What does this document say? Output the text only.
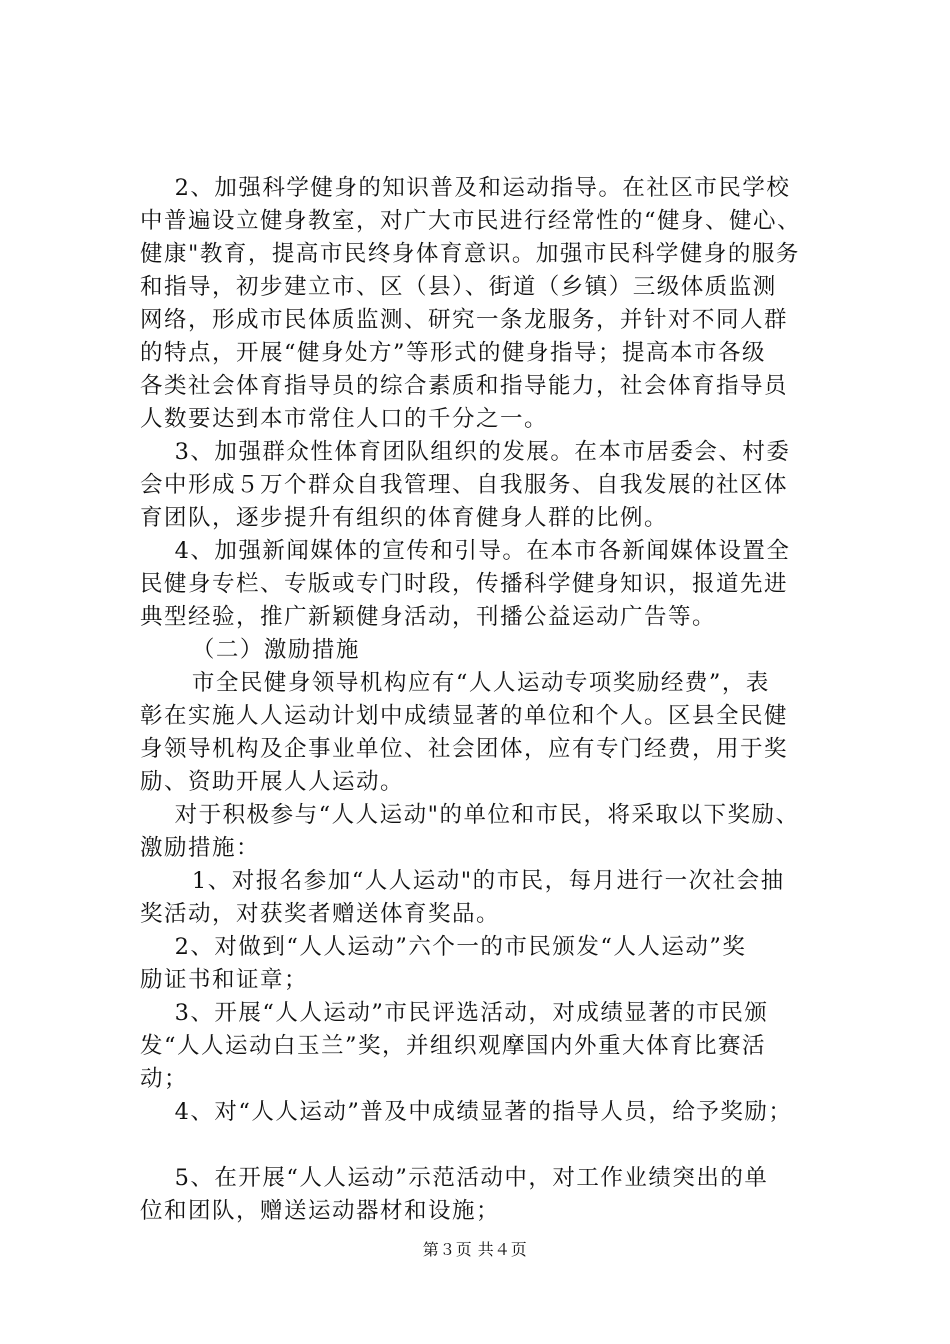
2、加强科学健身的知识普及和运动指导。在社区市民学校
中普遍设立健身教室，对广大市民进行经常性的“健身、健心、
健康"教育，提高市民终身体育意识。加强市民科学健身的服务
和指导，初步建立市、区（县）、街道（乡镇）三级体质监测
网络，形成市民体质监测、研究一条龙服务，并针对不同人群
的特点，开展“健身处方”等形式的健身指导；提高本市各级
各类社会体育指导员的综合素质和指导能力，社会体育指导员
人数要达到本市常住人口的千分之一。
3、加强群众性体育团队组织的发展。在本市居委会、村委
会中形成５万个群众自我管理、自我服务、自我发展的社区体
育团队，逐步提升有组织的体育健身人群的比例。
4、加强新闻媒体的宣传和引导。在本市各新闻媒体设置全
民健身专栏、专版或专门时段，传播科学健身知识，报道先进
典型经验，推广新颖健身活动，刊播公益运动广告等。
（二）激励措施
市全民健身领导机构应有“人人运动专项奖励经费”，表
彰在实施人人运动计划中成绩显著的单位和个人。区县全民健
身领导机构及企事业单位、社会团体，应有专门经费，用于奖
励、资助开展人人运动。
对于积极参与“人人运动"的单位和市民，将采取以下奖励、
激励措施：
1、对报名参加“人人运动"的市民，每月进行一次社会抽
奖活动，对获奖者赠送体育奖品。
2、对做到“人人运动”六个一的市民颁发“人人运动”奖
励证书和证章；
3、开展“人人运动”市民评选活动，对成绩显著的市民颁
发“人人运动白玉兰”奖，并组织观摩国内外重大体育比赛活
动；
4、对“人人运动”普及中成绩显著的指导人员，给予奖励；
5、在开展“人人运动”示范活动中，对工作业绩突出的单
位和团队，赠送运动器材和设施；
第３页 共４页
